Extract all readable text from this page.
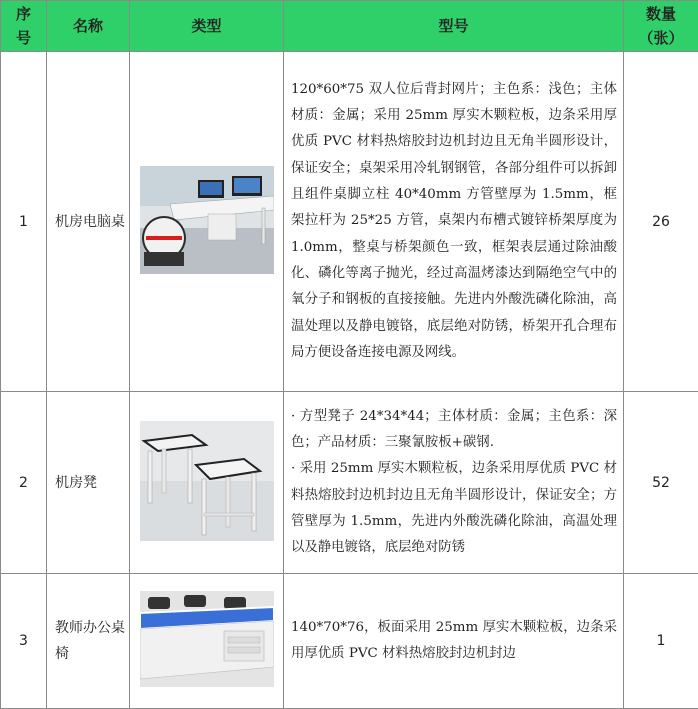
序号	名称	类型	型号	数量（张）
1	机房电脑桌		120*60*75 双人位后背封网片；主色系：浅色；主体材质：金属；采用 25mm 厚实木颗粒板，边条采用厚优质 PVC 材料热熔胶封边机封边且无角半圆形设计，保证安全；桌架采用冷轧钢钢管，各部分组件可以拆卸且组件桌脚立柱 40*40mm 方管壁厚为 1.5mm，框架拉杆为 25*25 方管，桌架内布槽式镀锌桥架厚度为 1.0mm，整桌与桥架颜色一致，框架表层通过除油酸化、磷化等离子抛光，经过高温烤漆达到隔绝空气中的氧分子和钢板的直接接触。先进内外酸洗磷化除油，高温处理以及静电镀铬，底层绝对防锈，桥架开孔合理布局方便设备连接电源及网线。	26
2	机房凳		· 方型凳子 24*34*44；主体材质：金属；主色系：深色；产品材质：三聚氰胺板+碳钢.
· 采用 25mm 厚实木颗粒板，边条采用厚优质 PVC 材料热熔胶封边机封边且无角半圆形设计，保证安全；方管壁厚为 1.5mm，先进内外酸洗磷化除油，高温处理以及静电镀铬，底层绝对防锈	52
3	教师办公桌椅		140*70*76，板面采用 25mm 厚实木颗粒板，边条采用厚优质 PVC 材料热熔胶封边机封边	1
